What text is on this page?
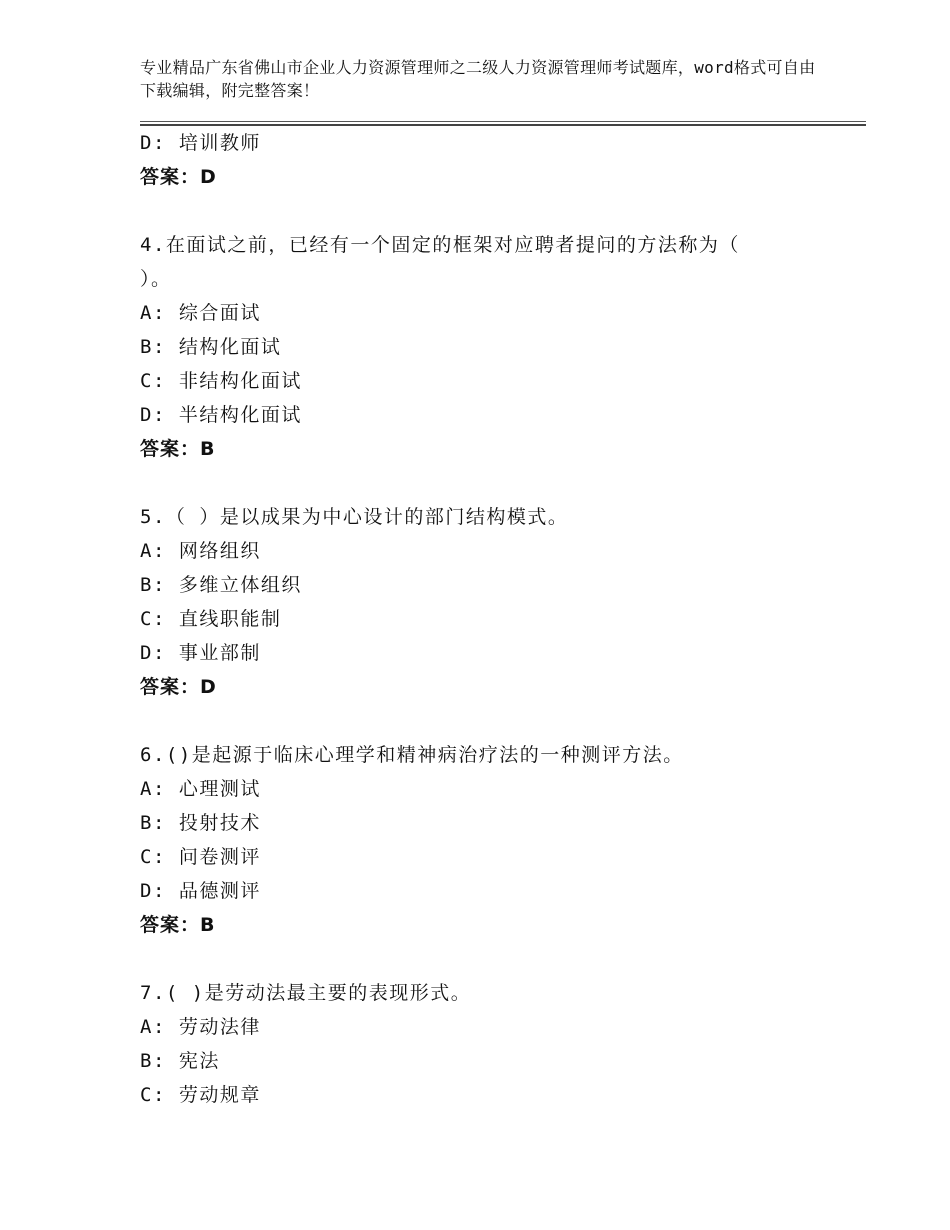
专业精品广东省佛山市企业人力资源管理师之二级人力资源管理师考试题库，word格式可自由下载编辑，附完整答案！
D: 培训教师
答案：D
4.在面试之前，已经有一个固定的框架对应聘者提问的方法称为（ ）。
A: 综合面试
B: 结构化面试
C: 非结构化面试
D: 半结构化面试
答案：B
5.（ ）是以成果为中心设计的部门结构模式。
A: 网络组织
B: 多维立体组织
C: 直线职能制
D: 事业部制
答案：D
6.()是起源于临床心理学和精神病治疗法的一种测评方法。
A: 心理测试
B: 投射技术
C: 问卷测评
D: 品德测评
答案：B
7.( )是劳动法最主要的表现形式。
A: 劳动法律
B: 宪法
C: 劳动规章
